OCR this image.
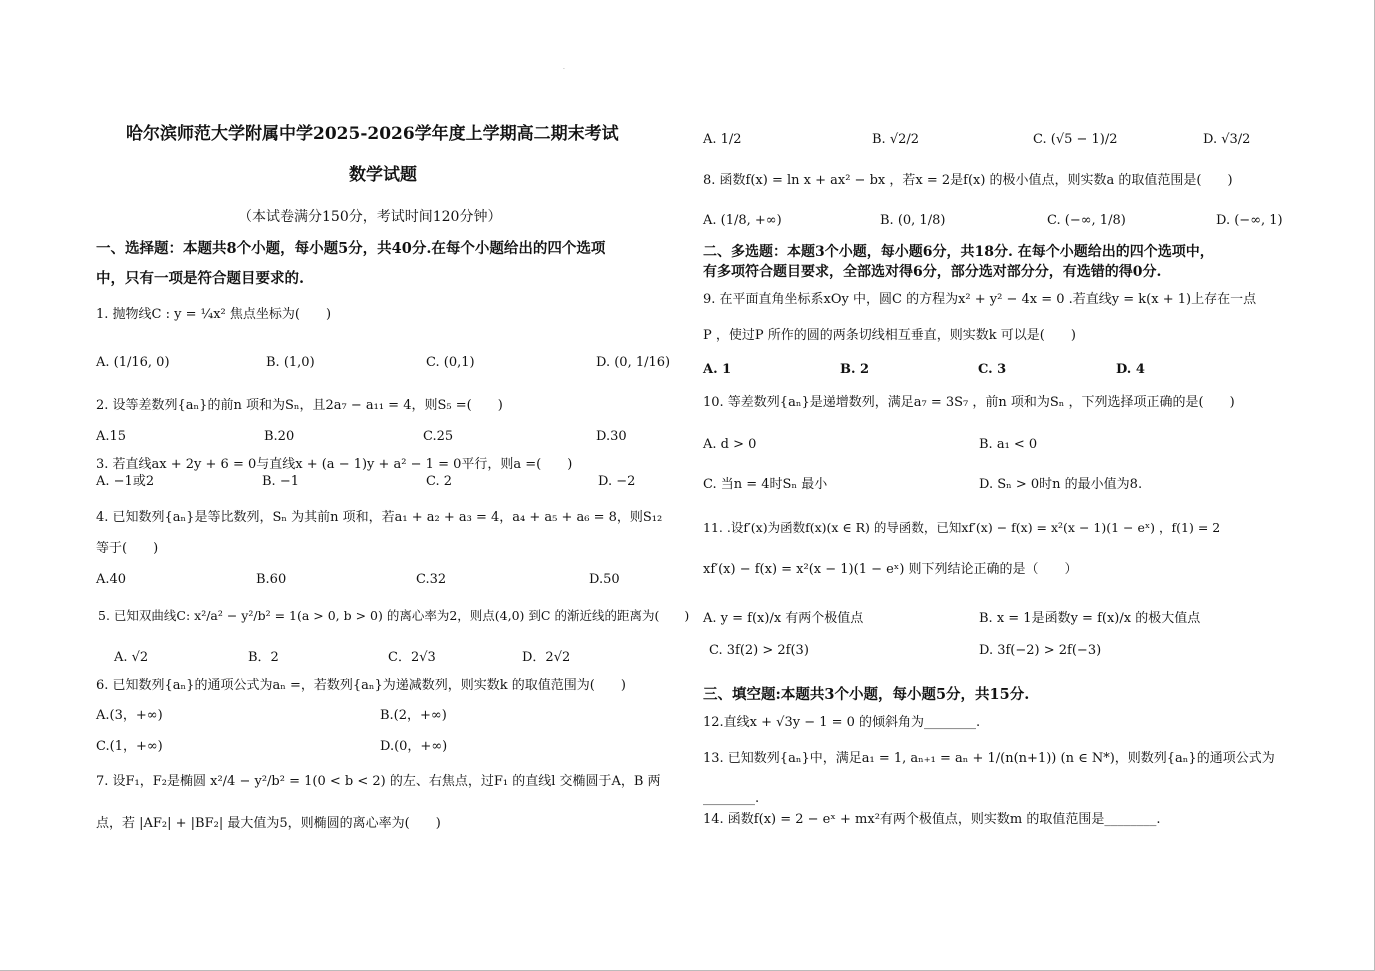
·
哈尔滨师范大学附属中学2025-2026学年度上学期高二期末考试
数学试题
（本试卷满分150分，考试时间120分钟）
一、选择题：本题共8个小题，每小题5分，共40分.在每个小题给出的四个选项
中，只有一项是符合题目要求的.
1. 抛物线C : y = ¼x² 焦点坐标为(　　)
A. (1/16, 0)	B. (1,0)	C. (0,1)	D. (0, 1/16)
2. 设等差数列{aₙ}的前n 项和为Sₙ，且2a₇ − a₁₁ = 4，则S₅ =(　　)
A.15	B.20	C.25	D.30
3. 若直线ax + 2y + 6 = 0与直线x + (a − 1)y + a² − 1 = 0平行，则a =(　　)
A. −1或2	B. −1	C. 2	D. −2
4. 已知数列{aₙ}是等比数列，Sₙ 为其前n 项和，若a₁ + a₂ + a₃ = 4，a₄ + a₅ + a₆ = 8，则S₁₂
等于(　　)
A.40	B.60	C.32	D.50
5. 已知双曲线C: x²/a² − y²/b² = 1(a > 0, b > 0) 的离心率为2，则点(4,0) 到C 的渐近线的距离为(　　)
A. √2	B．2	C．2√3	D．2√2
6. 已知数列{aₙ}的通项公式为aₙ =，若数列{aₙ}为递减数列，则实数k 的取值范围为(　　)
A.(3，+∞)	B.(2，+∞)
C.(1，+∞)	D.(0，+∞)
7. 设F₁，F₂是椭圆 x²/4 − y²/b² = 1(0 < b < 2) 的左、右焦点，过F₁ 的直线l 交椭圆于A，B 两
点，若 |AF₂| + |BF₂| 最大值为5，则椭圆的离心率为(　　)
A. 1/2	B. √2/2	C. (√5 − 1)/2	D. √3/2
8. 函数f(x) = ln x + ax² − bx ，若x = 2是f(x) 的极小值点，则实数a 的取值范围是(　　)
A. (1/8, +∞)	B. (0, 1/8)	C. (−∞, 1/8)	D. (−∞, 1)
二、多选题：本题3个小题，每小题6分，共18分. 在每个小题给出的四个选项中，
有多项符合题目要求，全部选对得6分，部分选对部分分，有选错的得0分.
9. 在平面直角坐标系xOy 中，圆C 的方程为x² + y² − 4x = 0 .若直线y = k(x + 1)上存在一点
P ，使过P 所作的圆的两条切线相互垂直，则实数k 可以是(　　)
A. 1	B. 2	C. 3	D. 4
10. 等差数列{aₙ}是递增数列，满足a₇ = 3S₇ ，前n 项和为Sₙ ，下列选择项正确的是(　　)
A. d > 0	B. a₁ < 0
C. 当n = 4时Sₙ 最小	D. Sₙ > 0时n 的最小值为8.
11. .设f′(x)为函数f(x)(x ∈ R) 的导函数，已知xf′(x) − f(x) = x²(x − 1)(1 − eˣ) ，f(1) = 2
xf′(x) − f(x) = x²(x − 1)(1 − eˣ) 则下列结论正确的是（　　）
A. y = f(x)/x 有两个极值点	B. x = 1是函数y = f(x)/x 的极大值点
C. 3f(2) > 2f(3)	D. 3f(−2) > 2f(−3)
三、填空题:本题共3个小题，每小题5分，共15分.
12.直线x + √3y − 1 = 0 的倾斜角为________.
13. 已知数列{aₙ}中，满足a₁ = 1, aₙ₊₁ = aₙ + 1/(n(n+1)) (n ∈ N*)，则数列{aₙ}的通项公式为
________.
14. 函数f(x) = 2 − eˣ + mx²有两个极值点，则实数m 的取值范围是________.
